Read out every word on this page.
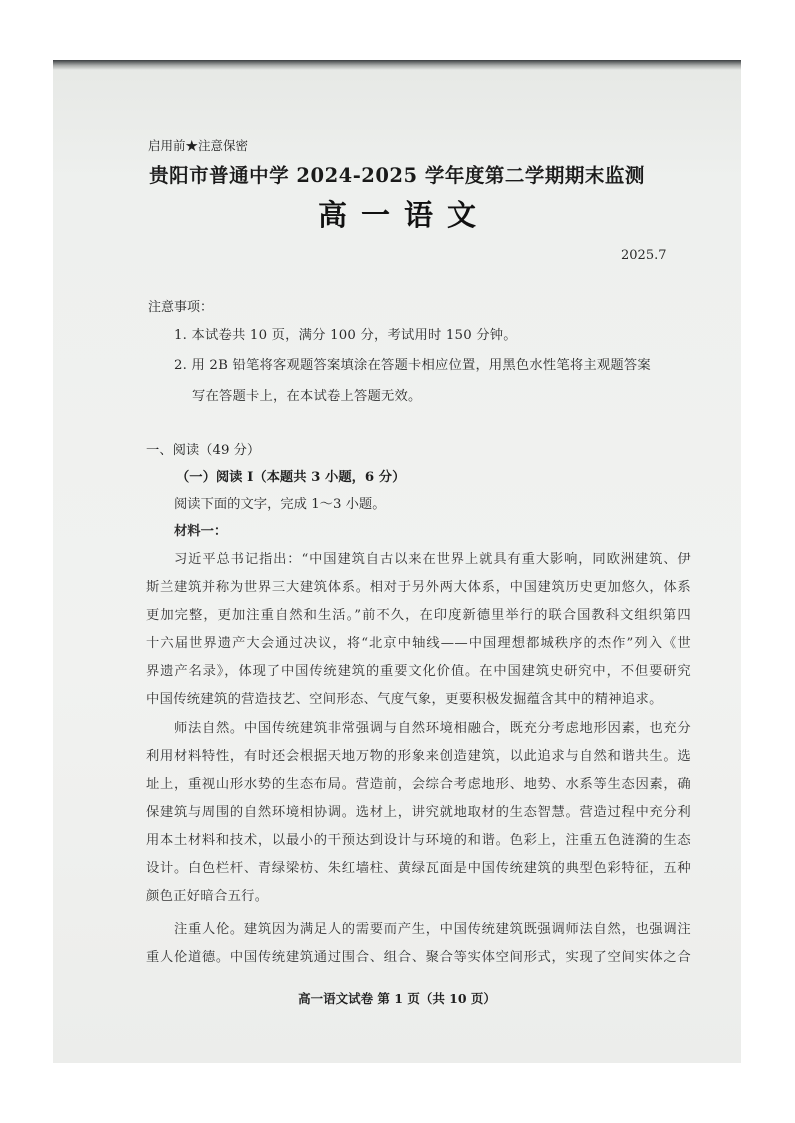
启用前★注意保密
贵阳市普通中学 2024-2025 学年度第二学期期末监测
高一语文
2025.7
注意事项：
1. 本试卷共 10 页，满分 100 分，考试用时 150 分钟。
2. 用 2B 铅笔将客观题答案填涂在答题卡相应位置，用黑色水性笔将主观题答案
写在答题卡上，在本试卷上答题无效。
一、阅读（49 分）
（一）阅读 Ⅰ（本题共 3 小题，6 分）
阅读下面的文字，完成 1～3 小题。
材料一：
习近平总书记指出：“中国建筑自古以来在世界上就具有重大影响，同欧洲建筑、伊
斯兰建筑并称为世界三大建筑体系。相对于另外两大体系，中国建筑历史更加悠久，体系
更加完整，更加注重自然和生活。”前不久，在印度新德里举行的联合国教科文组织第四
十六届世界遗产大会通过决议，将“北京中轴线——中国理想都城秩序的杰作”列入《世
界遗产名录》，体现了中国传统建筑的重要文化价值。在中国建筑史研究中，不但要研究
中国传统建筑的营造技艺、空间形态、气度气象，更要积极发掘蕴含其中的精神追求。
师法自然。中国传统建筑非常强调与自然环境相融合，既充分考虑地形因素，也充分
利用材料特性，有时还会根据天地万物的形象来创造建筑，以此追求与自然和谐共生。选
址上，重视山形水势的生态布局。营造前，会综合考虑地形、地势、水系等生态因素，确
保建筑与周围的自然环境相协调。选材上，讲究就地取材的生态智慧。营造过程中充分利
用本土材料和技术，以最小的干预达到设计与环境的和谐。色彩上，注重五色涟漪的生态
设计。白色栏杆、青绿梁枋、朱红墙柱、黄绿瓦面是中国传统建筑的典型色彩特征，五种
颜色正好暗合五行。
注重人伦。建筑因为满足人的需要而产生，中国传统建筑既强调师法自然，也强调注
重人伦道德。中国传统建筑通过围合、组合、聚合等实体空间形式，实现了空间实体之合
高一语文试卷 第 1 页（共 10 页）
